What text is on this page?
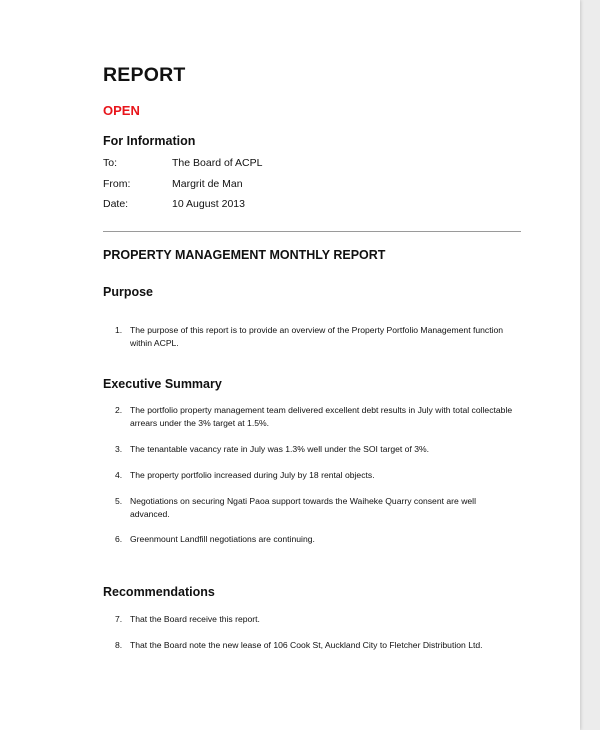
REPORT
OPEN
For Information
To:	The Board of ACPL
From:	Margrit de Man
Date:	10 August 2013
PROPERTY MANAGEMENT MONTHLY REPORT
Purpose
1. The purpose of this report is to provide an overview of the Property Portfolio Management function within ACPL.
Executive Summary
2. The portfolio property management team delivered excellent debt results in July with total collectable arrears under the 3% target at 1.5%.
3. The tenantable vacancy rate in July was 1.3% well under the SOI target of 3%.
4. The property portfolio increased during July by 18 rental objects.
5. Negotiations on securing Ngati Paoa support towards the Waiheke Quarry consent are well advanced.
6. Greenmount Landfill negotiations are continuing.
Recommendations
7. That the Board receive this report.
8. That the Board note the new lease of 106 Cook St, Auckland City to Fletcher Distribution Ltd.
